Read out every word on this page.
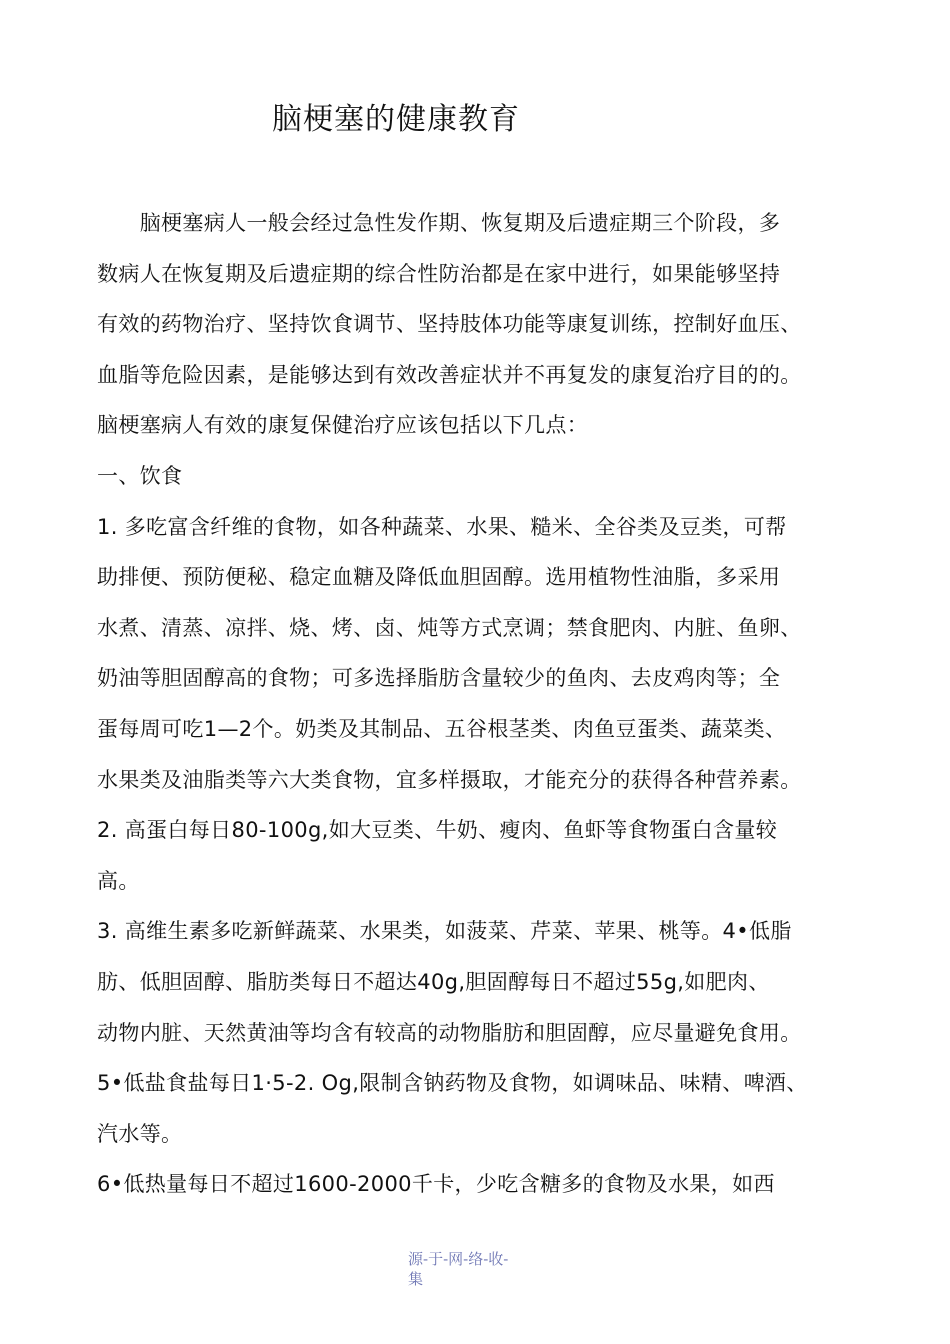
脑梗塞的健康教育
　　脑梗塞病人一般会经过急性发作期、恢复期及后遗症期三个阶段，多
数病人在恢复期及后遗症期的综合性防治都是在家中进行，如果能够坚持
有效的药物治疗、坚持饮食调节、坚持肢体功能等康复训练，控制好血压、
血脂等危险因素，是能够达到有效改善症状并不再复发的康复治疗目的的。
脑梗塞病人有效的康复保健治疗应该包括以下几点：
一、饮食
1. 多吃富含纤维的食物，如各种蔬菜、水果、糙米、全谷类及豆类，可帮
助排便、预防便秘、稳定血糖及降低血胆固醇。选用植物性油脂，多采用
水煮、清蒸、凉拌、烧、烤、卤、炖等方式烹调；禁食肥肉、内脏、鱼卵、
奶油等胆固醇高的食物；可多选择脂肪含量较少的鱼肉、去皮鸡肉等；全
蛋每周可吃1—2个。奶类及其制品、五谷根茎类、肉鱼豆蛋类、蔬菜类、
水果类及油脂类等六大类食物，宜多样摄取，才能充分的获得各种营养素。
2. 高蛋白每日80-100g,如大豆类、牛奶、瘦肉、鱼虾等食物蛋白含量较
高。
3. 高维生素多吃新鲜蔬菜、水果类，如菠菜、芹菜、苹果、桃等。4•低脂
肪、低胆固醇、脂肪类每日不超达40g,胆固醇每日不超过55g,如肥肉、
动物内脏、天然黄油等均含有较高的动物脂肪和胆固醇，应尽量避免食用。
5•低盐食盐每日1·5-2. Og,限制含钠药物及食物，如调味品、味精、啤酒、
汽水等。
6•低热量每日不超过1600-2000千卡，少吃含糖多的食物及水果，如西
源-于-网-络-收-
集
